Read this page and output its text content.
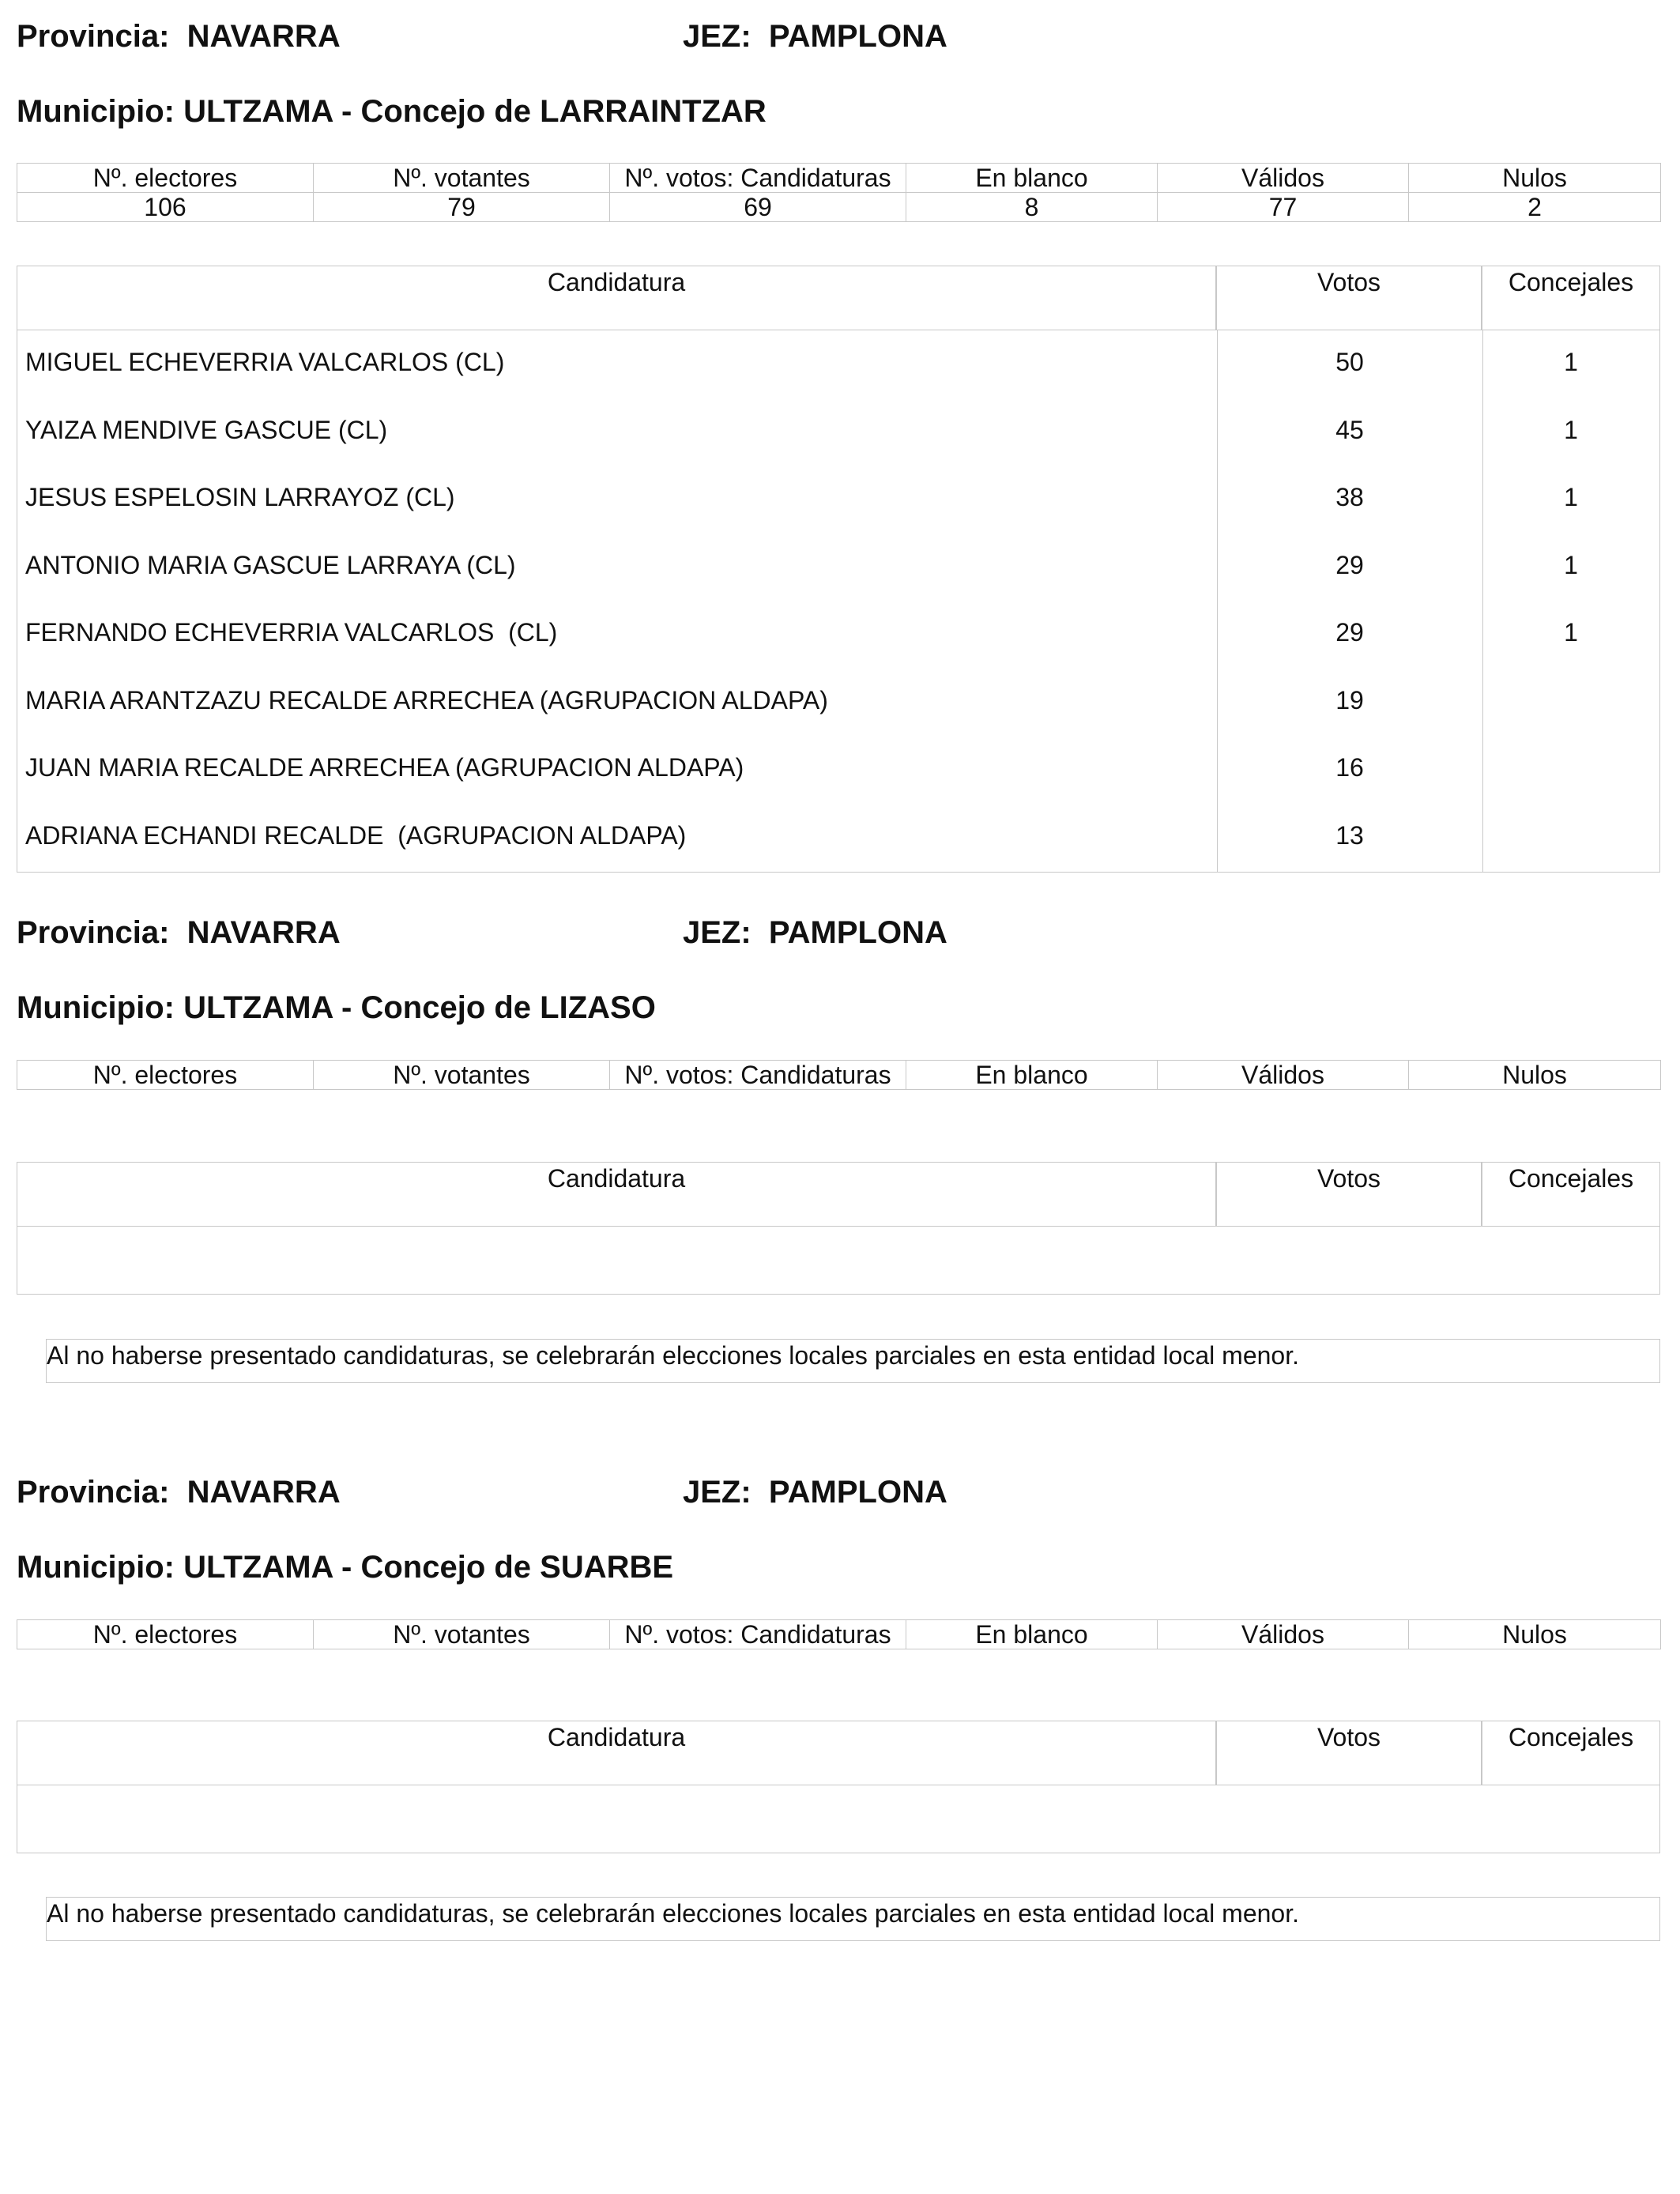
Provincia: NAVARRA	JEZ: PAMPLONA
Municipio: ULTZAMA - Concejo de LARRAINTZAR
Nº. electores	Nº. votantes	Nº. votos: Candidaturas	En blanco	Válidos	Nulos
106	79	69	8	77	2
Candidatura	Votos	Concejales
MIGUEL ECHEVERRIA VALCARLOS (CL)	50	1
YAIZA MENDIVE GASCUE (CL)	45	1
JESUS ESPELOSIN LARRAYOZ (CL)	38	1
ANTONIO MARIA GASCUE LARRAYA (CL)	29	1
FERNANDO ECHEVERRIA VALCARLOS  (CL)	29	1
MARIA ARANTZAZU RECALDE ARRECHEA (AGRUPACION ALDAPA)	19
JUAN MARIA RECALDE ARRECHEA (AGRUPACION ALDAPA)	16
ADRIANA ECHANDI RECALDE  (AGRUPACION ALDAPA)	13
Provincia: NAVARRA	JEZ: PAMPLONA
Municipio: ULTZAMA - Concejo de LIZASO
Nº. electores	Nº. votantes	Nº. votos: Candidaturas	En blanco	Válidos	Nulos
Candidatura	Votos	Concejales
Al no haberse presentado candidaturas, se celebrarán elecciones locales parciales en esta entidad local menor.
Provincia: NAVARRA	JEZ: PAMPLONA
Municipio: ULTZAMA - Concejo de SUARBE
Nº. electores	Nº. votantes	Nº. votos: Candidaturas	En blanco	Válidos	Nulos
Candidatura	Votos	Concejales
Al no haberse presentado candidaturas, se celebrarán elecciones locales parciales en esta entidad local menor.
